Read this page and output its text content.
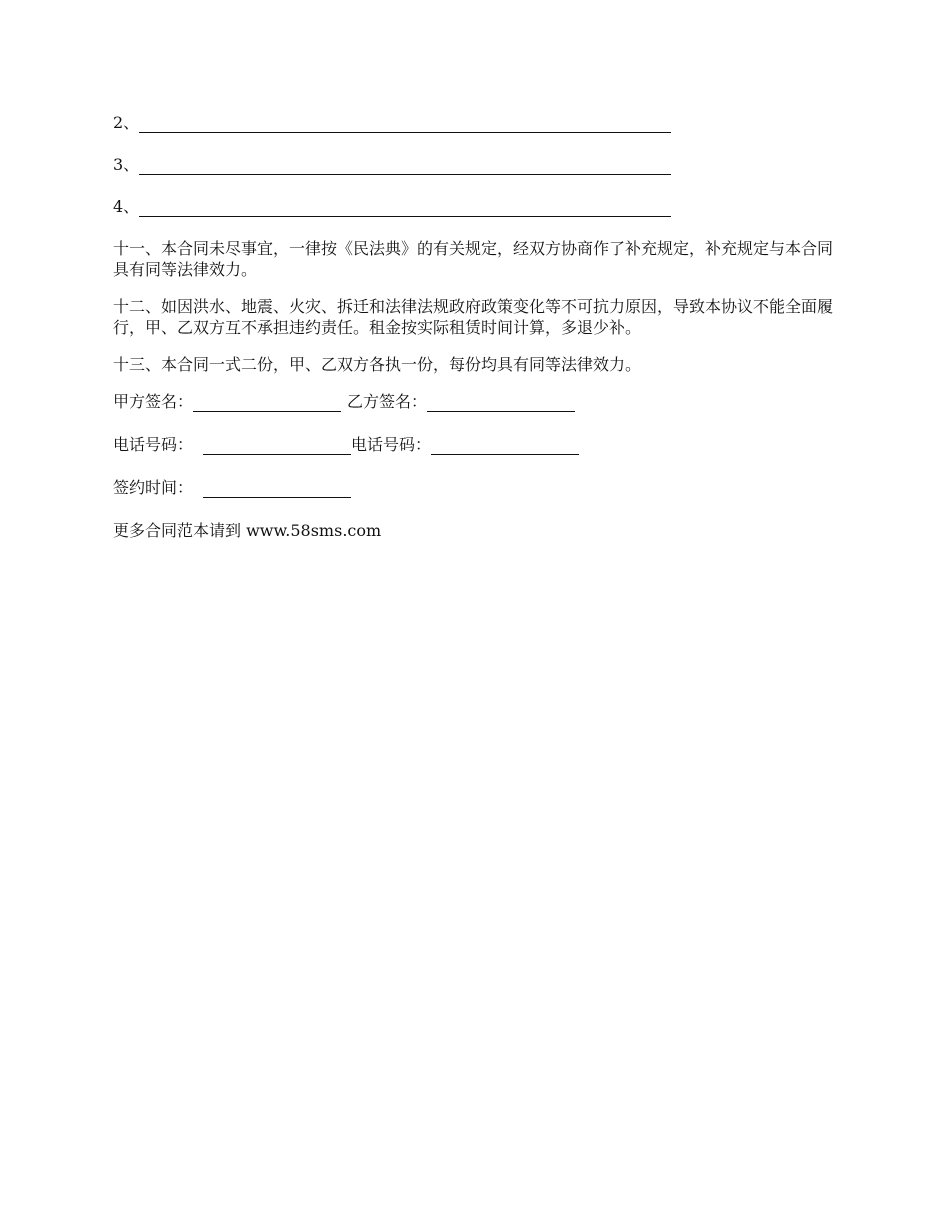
2、
3、
4、

十一、本合同未尽事宜，一律按《民法典》的有关规定，经双方协商作了补充规定，补充规定与本合同具有同等法律效力。

十二、如因洪水、地震、火灾、拆迁和法律法规政府政策变化等不可抗力原因，导致本协议不能全面履行，甲、乙双方互不承担违约责任。租金按实际租赁时间计算，多退少补。

十三、本合同一式二份，甲、乙双方各执一份，每份均具有同等法律效力。

甲方签名：	乙方签名：
电话号码：	电话号码：
签约时间：
更多合同范本请到 www.58sms.com
